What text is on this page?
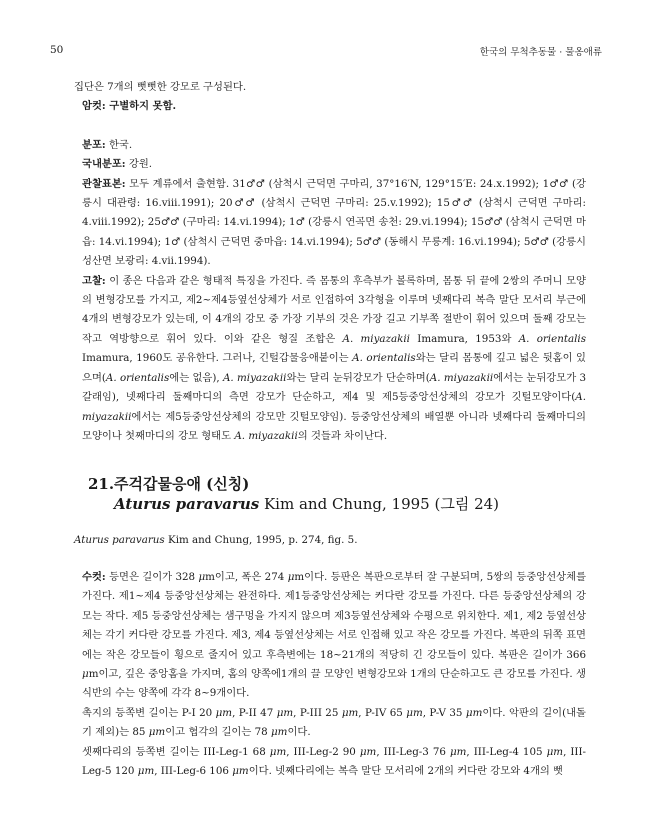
50	한국의 무척추동물 · 물옹애류

집단은 7개의 뻣뻣한 강모로 구성된다.

암컷: 구별하지 못함.

분포: 한국.

국내분포: 강원.

관찰표본: 모두 계류에서 출현함. 31♂♂ (삼척시 근덕면 구마리, 37°16′N, 129°15′E: 24.x.1992); 1♂♂ (강릉시 대관령: 16.viii.1991); 20♂♂ (삼척시 근덕면 구마리: 25.v.1992); 15♂♂ (삼척시 근덕면 구마리: 4.viii.1992); 25♂♂ (구마리: 14.vi.1994); 1♂ (강릉시 연곡면 송천: 29.vi.1994); 15♂♂ (삼척시 근덕면 마읍: 14.vi.1994); 1♂ (삼척시 근덕면 중마읍: 14.vi.1994); 5♂♂ (동해시 무릉계: 16.vi.1994); 5♂♂ (강릉시 성산면 보광리: 4.vii.1994).

고찰: 이 종은 다음과 같은 형태적 특징을 가진다. 즉 몸통의 후측부가 볼록하며, 몸통 뒤 끝에 2쌍의 주머니 모양의 변형강모를 가지고, 제2~제4등옆선상체가 서로 인접하여 3각형을 이루며 넷째다리 복측 말단 모서리 부근에 4개의 변형강모가 있는데, 이 4개의 강모 중 가장 기부의 것은 가장 길고 기부쪽 절반이 휘어 있으며 둘째 강모는 작고 역방향으로 휘어 있다. 이와 같은 형질 조합은 A. miyazakii Imamura, 1953와 A. orientalis Imamura, 1960도 공유한다. 그러나, 긴털갑물응애붙이는 A. orientalis와는 달리 몸통에 깊고 넓은 뒷홈이 있으며(A. orientalis에는 없음), A. miyazakii와는 달리 눈뒤강모가 단순하며(A. miyazakii에서는 눈뒤강모가 3갈래임), 넷째다리 둘째마디의 측면 강모가 단순하고, 제4 및 제5등중앙선상체의 강모가 깃털모양이다(A. miyazakii에서는 제5등중앙선상체의 강모만 깃털모양임). 등중앙선상체의 배열뿐 아니라 넷째다리 둘째마디의 모양이나 첫째마디의 강모 형태도 A. miyazakii의 것들과 차이난다.

21.주걱갑물응애 (신칭)
Aturus paravarus Kim and Chung, 1995 (그림 24)
Aturus paravarus Kim and Chung, 1995, p. 274, fig. 5.

수컷: 등면은 길이가 328 μm이고, 폭은 274 μm이다. 등판은 복판으로부터 잘 구분되며, 5쌍의 등중앙선상체를 가진다. 제1~제4 등중앙선상체는 완전하다. 제1등중앙선상체는 커다란 강모를 가진다. 다른 등중앙선상체의 강모는 작다. 제5 등중앙선상체는 샘구멍을 가지지 않으며 제3등옆선상체와 수평으로 위치한다. 제1, 제2 등옆선상체는 각기 커다란 강모를 가진다. 제3, 제4 등옆선상체는 서로 인접해 있고 작은 강모를 가진다. 복판의 뒤쪽 표면에는 작은 강모들이 횡으로 줄지어 있고 후측변에는 18~21개의 적당히 긴 강모들이 있다. 복판은 길이가 366 μm이고, 깊은 중앙홈을 가지며, 홈의 양쪽에1개의 끌 모양인 변형강모와 1개의 단순하고도 큰 강모를 가진다. 생식반의 수는 양쪽에 각각 8~9개이다.

촉지의 등쪽변 길이는 P-I 20 μm, P-II 47 μm, P-III 25 μm, P-IV 65 μm, P-V 35 μm이다. 악판의 길이(내돌기 제외)는 85 μm이고 협각의 길이는 78 μm이다.

셋째다리의 등쪽변 길이는 III-Leg-1 68 μm, III-Leg-2 90 μm, III-Leg-3 76 μm, III-Leg-4 105 μm, III-Leg-5 120 μm, III-Leg-6 106 μm이다. 넷째다리에는 복측 말단 모서리에 2개의 커다란 강모와 4개의 뻣
